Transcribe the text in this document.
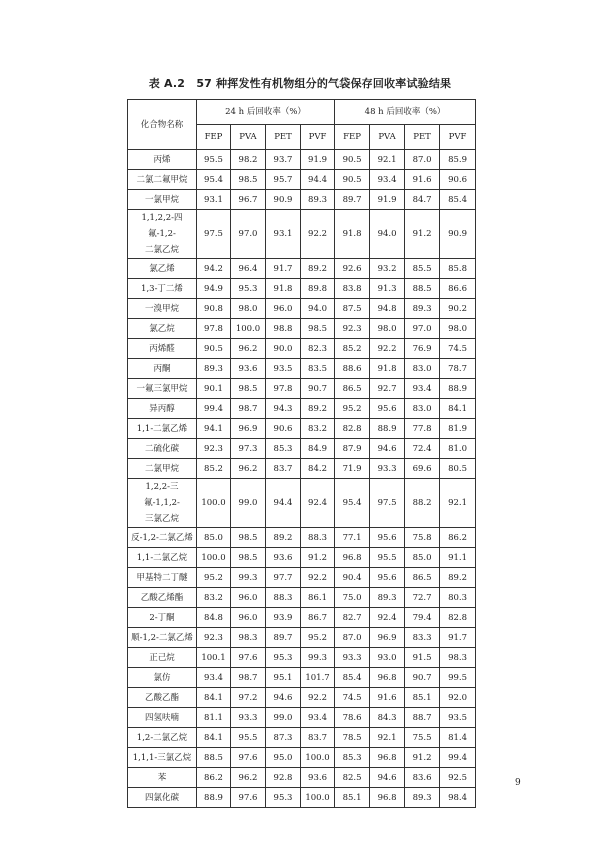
表 A.2　57 种挥发性有机物组分的气袋保存回收率试验结果
化合物名称	24 h 后回收率（%）				48 h 后回收率（%）			
	FEP	PVA	PET	PVF	FEP	PVA	PET	PVF

丙烯	95.5	98.2	93.7	91.9	90.5	92.1	87.0	85.9

二氯二氟甲烷	95.4	98.5	95.7	94.4	90.5	93.4	91.6	90.6

一氯甲烷	93.1	96.7	90.9	89.3	89.7	91.9	84.7	85.4

1,1,2,2-四氟-1,2-
二氯乙烷	97.5	97.0	93.1	92.2	91.8	94.0	91.2	90.9

氯乙烯	94.2	96.4	91.7	89.2	92.6	93.2	85.5	85.8

1,3-丁二烯	94.9	95.3	91.8	89.8	83.8	91.3	88.5	86.6

一溴甲烷	90.8	98.0	96.0	94.0	87.5	94.8	89.3	90.2

氯乙烷	97.8	100.0	98.8	98.5	92.3	98.0	97.0	98.0

丙烯醛	90.5	96.2	90.0	82.3	85.2	92.2	76.9	74.5

丙酮	89.3	93.6	93.5	83.5	88.6	91.8	83.0	78.7

一氟三氯甲烷	90.1	98.5	97.8	90.7	86.5	92.7	93.4	88.9

异丙醇	99.4	98.7	94.3	89.2	95.2	95.6	83.0	84.1

1,1-二氯乙烯	94.1	96.9	90.6	83.2	82.8	88.9	77.8	81.9

二硫化碳	92.3	97.3	85.3	84.9	87.9	94.6	72.4	81.0

二氯甲烷	85.2	96.2	83.7	84.2	71.9	93.3	69.6	80.5

1,2,2-三氟-1,1,2-
三氯乙烷	100.0	99.0	94.4	92.4	95.4	97.5	88.2	92.1

反-1,2-二氯乙烯	85.0	98.5	89.2	88.3	77.1	95.6	75.8	86.2

1,1-二氯乙烷	100.0	98.5	93.6	91.2	96.8	95.5	85.0	91.1

甲基特二丁醚	95.2	99.3	97.7	92.2	90.4	95.6	86.5	89.2

乙酸乙烯酯	83.2	96.0	88.3	86.1	75.0	89.3	72.7	80.3

2-丁酮	84.8	96.0	93.9	86.7	82.7	92.4	79.4	82.8

顺-1,2-二氯乙烯	92.3	98.3	89.7	95.2	87.0	96.9	83.3	91.7

正己烷	100.1	97.6	95.3	99.3	93.3	93.0	91.5	98.3

氯仿	93.4	98.7	95.1	101.7	85.4	96.8	90.7	99.5

乙酸乙酯	84.1	97.2	94.6	92.2	74.5	91.6	85.1	92.0

四氢呋喃	81.1	93.3	99.0	93.4	78.6	84.3	88.7	93.5

1,2-二氯乙烷	84.1	95.5	87.3	83.7	78.5	92.1	75.5	81.4

1,1,1-三氯乙烷	88.5	97.6	95.0	100.0	85.3	96.8	91.2	99.4

苯	86.2	96.2	92.8	93.6	82.5	94.6	83.6	92.5

四氯化碳	88.9	97.6	95.3	100.0	85.1	96.8	89.3	98.4
9
